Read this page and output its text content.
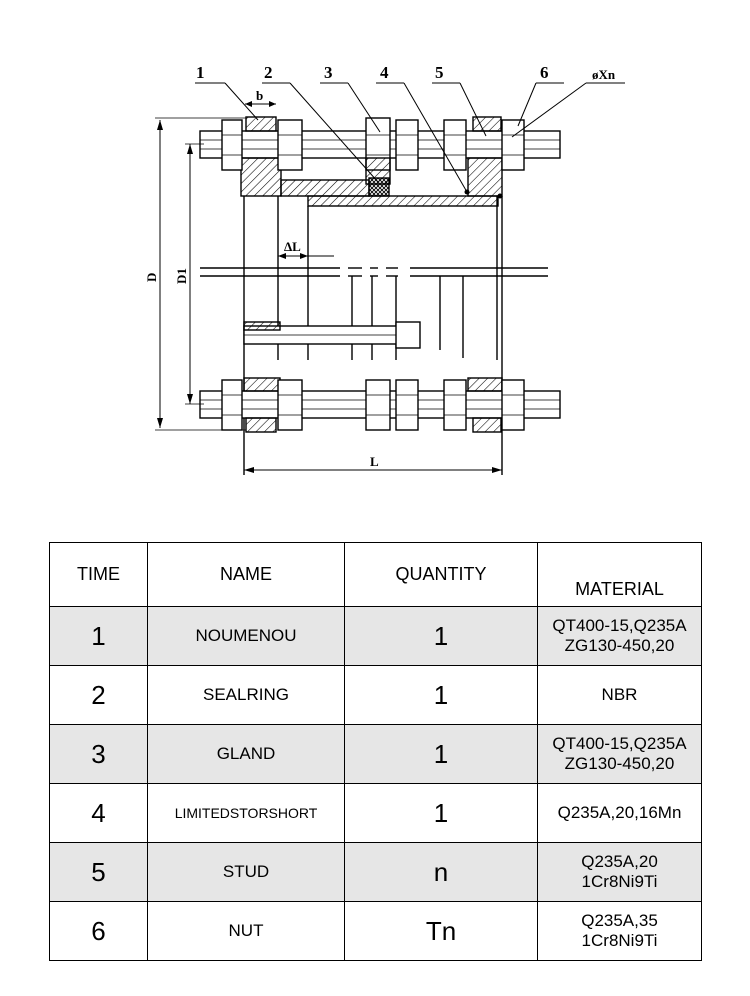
1	2	3	4	5	6	øXn
b
ΔL
L
D D1
TIME	NAME	QUANTITY	MATERIAL
1	NOUMENOU	1	QT400-15,Q235A
ZG130-450,20

2	SEALRING	1	NBR

3	GLAND	1	QT400-15,Q235A
ZG130-450,20

4	LIMITEDSTORSHORT	1	Q235A,20,16Mn

5	STUD	n	Q235A,20
1Cr8Ni9Ti

6	NUT	Tn	Q235A,35
1Cr8Ni9Ti
